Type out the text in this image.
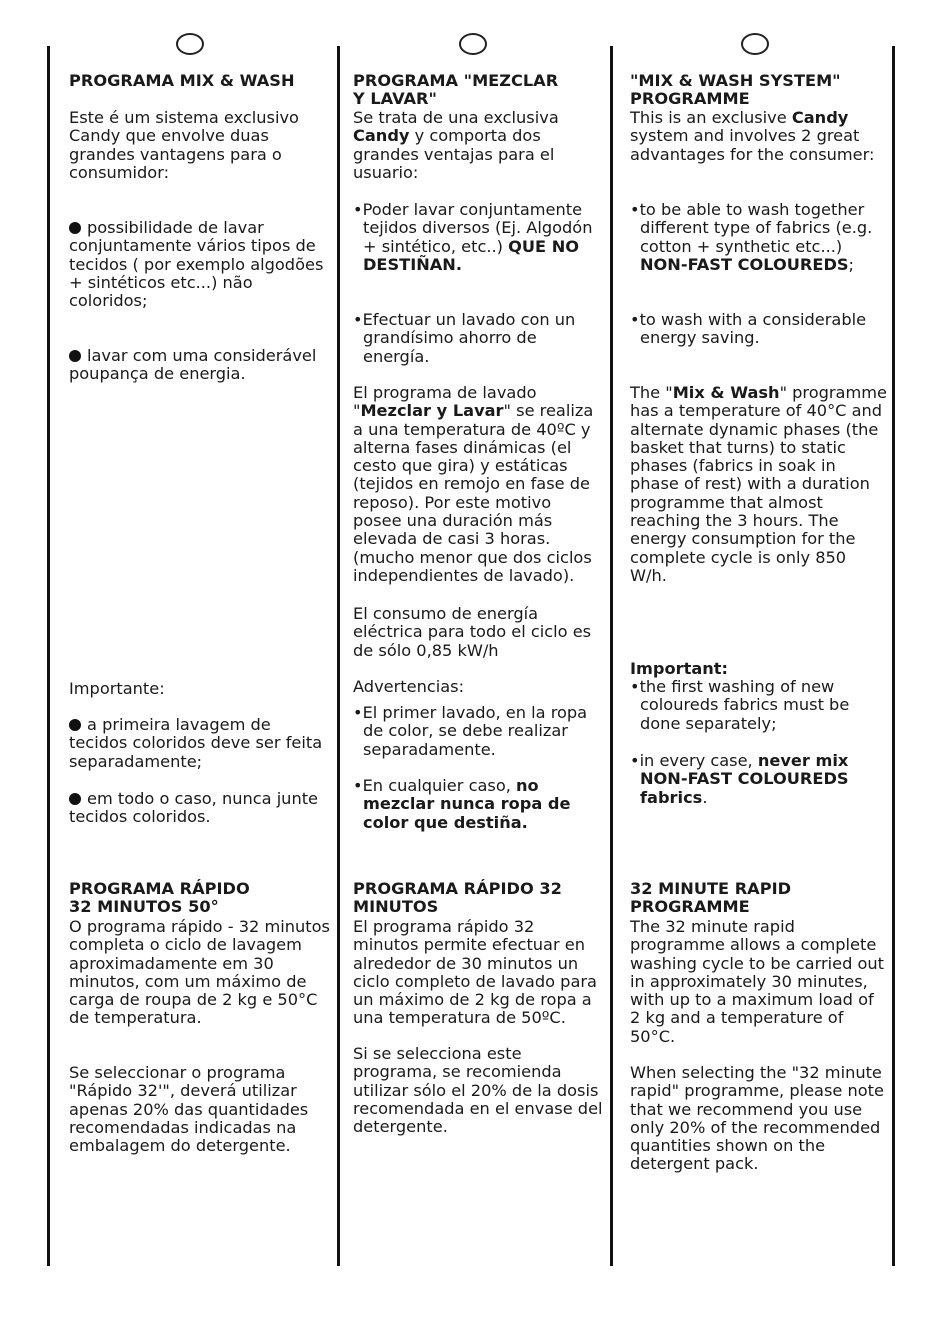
PROGRAMA MIX & WASH

Este é um sistema exclusivo Candy que envolve duas grandes vantagens para o consumidor:

possibilidade de lavar conjuntamente vários tipos de tecidos ( por exemplo algodões + sintéticos etc...) não coloridos;

lavar com uma considerável poupança de energia.

Importante:

a primeira lavagem de tecidos coloridos deve ser feita separadamente;

em todo o caso, nunca junte tecidos coloridos.

PROGRAMA RÁPIDO 32 MINUTOS 50°

O programa rápido - 32 minutos completa o ciclo de lavagem aproximadamente em 30 minutos, com um máximo de carga de roupa de 2 kg e 50°C de temperatura.

Se seleccionar o programa "Rápido 32'", deverá utilizar apenas 20% das quantidades recomendadas indicadas na embalagem do detergente.

PROGRAMA "MEZCLAR Y LAVAR"

Se trata de una exclusiva Candy y comporta dos grandes ventajas para el usuario:

•Poder lavar conjuntamente tejidos diversos (Ej. Algodón + sintético, etc..) QUE NO DESTIÑAN.

•Efectuar un lavado con un grandísimo ahorro de energía.

El programa de lavado "Mezclar y Lavar" se realiza a una temperatura de 40ºC y alterna fases dinámicas (el cesto que gira) y estáticas (tejidos en remojo en fase de reposo). Por este motivo posee una duración más elevada de casi 3 horas. (mucho menor que dos ciclos independientes de lavado).

El consumo de energía eléctrica para todo el ciclo es de sólo 0,85 kW/h

Advertencias:

•El primer lavado, en la ropa de color, se debe realizar separadamente.

•En cualquier caso, no mezclar nunca ropa de color que destiña.

PROGRAMA RÁPIDO 32 MINUTOS

El programa rápido 32 minutos permite efectuar en alrededor de 30 minutos un ciclo completo de lavado para un máximo de 2 kg de ropa a una temperatura de 50ºC.

Si se selecciona este programa, se recomienda utilizar sólo el 20% de la dosis recomendada en el envase del detergente.

"MIX & WASH SYSTEM" PROGRAMME

This is an exclusive Candy system and involves 2 great advantages for the consumer:

•to be able to wash together different type of fabrics (e.g. cotton + synthetic etc...) NON-FAST COLOUREDS;

•to wash with a considerable energy saving.

The "Mix & Wash" programme has a temperature of 40°C and alternate dynamic phases (the basket that turns) to static phases (fabrics in soak in phase of rest) with a duration programme that almost reaching the 3 hours. The energy consumption for the complete cycle is only 850 W/h.

Important:

•the first washing of new coloureds fabrics must be done separately;

•in every case, never mix NON-FAST COLOUREDS fabrics.

32 MINUTE RAPID PROGRAMME

The 32 minute rapid programme allows a complete washing cycle to be carried out in approximately 30 minutes, with up to a maximum load of 2 kg and a temperature of 50°C.

When selecting the "32 minute rapid" programme, please note that we recommend you use only 20% of the recommended quantities shown on the detergent pack.
